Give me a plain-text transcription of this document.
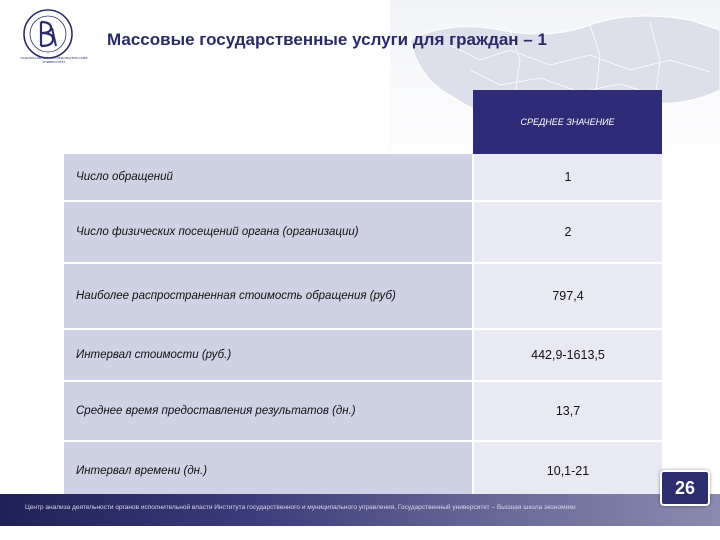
НАЦИОНАЛЬНЫЙ ИССЛЕДОВАТЕЛЬСКИЙ УНИВЕРСИТЕТ
Массовые государственные услуги для граждан – 1
	СРЕДНЕЕ ЗНАЧЕНИЕ
Число обращений	1
Число физических посещений органа (организации)	2
Наиболее распространенная стоимость обращения (руб)	797,4
Интервал стоимости (руб.)	442,9-1613,5
Среднее время предоставления результатов (дн.)	13,7
Интервал времени (дн.)	10,1-21
Центр анализа деятельности органов исполнительной власти Института государственного и муниципального управления, Государственный университет – Высшая школа экономики
26
